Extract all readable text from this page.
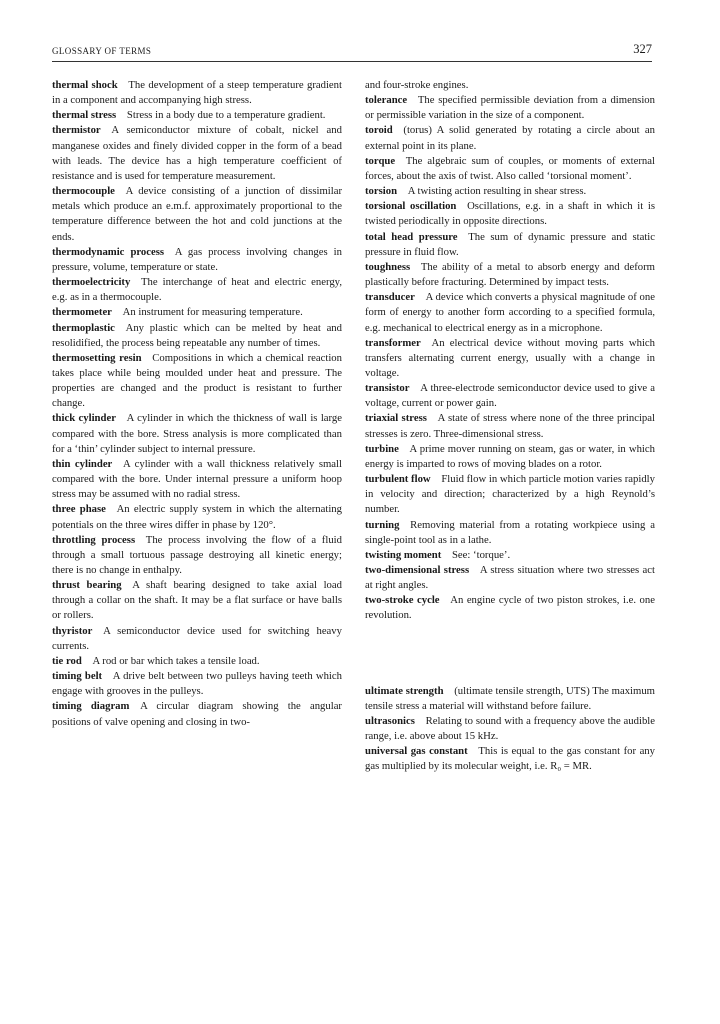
GLOSSARY OF TERMS	327

thermal shock  The development of a steep temperature gradient in a component and accompanying high stress.

thermal stress  Stress in a body due to a temperature gradient.

thermistor  A semiconductor mixture of cobalt, nickel and manganese oxides and finely divided copper in the form of a bead with leads. The device has a high temperature coefficient of resistance and is used for temperature measurement.

thermocouple  A device consisting of a junction of dissimilar metals which produce an e.m.f. approximately proportional to the temperature difference between the hot and cold junctions at the ends.

thermodynamic process  A gas process involving changes in pressure, volume, temperature or state.

thermoelectricity  The interchange of heat and electric energy, e.g. as in a thermocouple.

thermometer  An instrument for measuring temperature.

thermoplastic  Any plastic which can be melted by heat and resolidified, the process being repeatable any number of times.

thermosetting resin  Compositions in which a chemical reaction takes place while being moulded under heat and pressure. The properties are changed and the product is resistant to further change.

thick cylinder  A cylinder in which the thickness of wall is large compared with the bore. Stress analysis is more complicated than for a ‘thin’ cylinder subject to internal pressure.

thin cylinder  A cylinder with a wall thickness relatively small compared with the bore. Under internal pressure a uniform hoop stress may be assumed with no radial stress.

three phase  An electric supply system in which the alternating potentials on the three wires differ in phase by 120°.

throttling process  The process involving the flow of a fluid through a small tortuous passage destroying all kinetic energy; there is no change in enthalpy.

thrust bearing  A shaft bearing designed to take axial load through a collar on the shaft. It may be a flat surface or have balls or rollers.

thyristor  A semiconductor device used for switching heavy currents.

tie rod  A rod or bar which takes a tensile load.

timing belt  A drive belt between two pulleys having teeth which engage with grooves in the pulleys.

timing diagram  A circular diagram showing the angular positions of valve opening and closing in two-

and four-stroke engines.

tolerance  The specified permissible deviation from a dimension or permissible variation in the size of a component.

toroid  (torus) A solid generated by rotating a circle about an external point in its plane.

torque  The algebraic sum of couples, or moments of external forces, about the axis of twist. Also called ‘torsional moment’.

torsion  A twisting action resulting in shear stress.

torsional oscillation  Oscillations, e.g. in a shaft in which it is twisted periodically in opposite directions.

total head pressure  The sum of dynamic pressure and static pressure in fluid flow.

toughness  The ability of a metal to absorb energy and deform plastically before fracturing. Determined by impact tests.

transducer  A device which converts a physical magnitude of one form of energy to another form according to a specified formula, e.g. mechanical to electrical energy as in a microphone.

transformer  An electrical device without moving parts which transfers alternating current energy, usually with a change in voltage.

transistor  A three-electrode semiconductor device used to give a voltage, current or power gain.

triaxial stress  A state of stress where none of the three principal stresses is zero. Three-dimensional stress.

turbine  A prime mover running on steam, gas or water, in which energy is imparted to rows of moving blades on a rotor.

turbulent flow  Fluid flow in which particle motion varies rapidly in velocity and direction; characterized by a high Reynold’s number.

turning  Removing material from a rotating workpiece using a single-point tool as in a lathe.

twisting moment  See: ‘torque’.

two-dimensional stress  A stress situation where two stresses act at right angles.

two-stroke cycle  An engine cycle of two piston strokes, i.e. one revolution.

ultimate strength  (ultimate tensile strength, UTS) The maximum tensile stress a material will withstand before failure.

ultrasonics  Relating to sound with a frequency above the audible range, i.e. above about 15 kHz.

universal gas constant  This is equal to the gas constant for any gas multiplied by its molecular weight, i.e. R₀ = MR.
